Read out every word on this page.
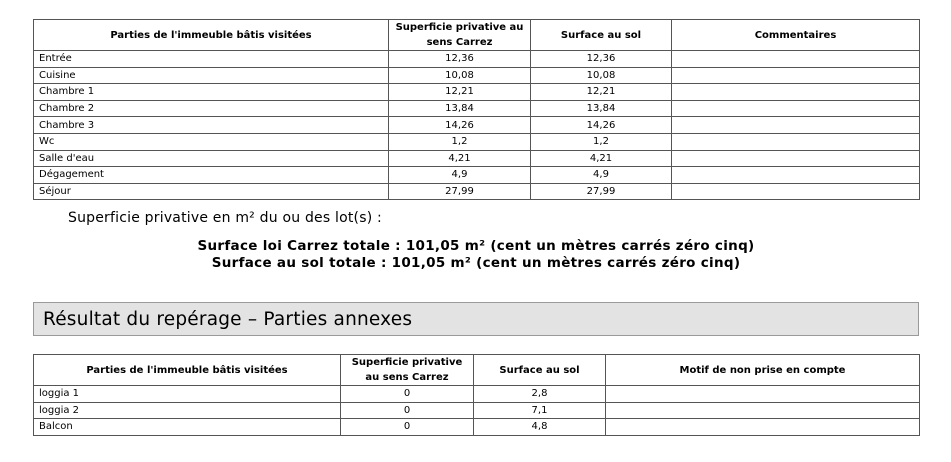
Parties de l'immeuble bâtis visitées	Superficie privative au sens Carrez	Surface au sol	Commentaires
Entrée	12,36	12,36	
Cuisine	10,08	10,08	
Chambre 1	12,21	12,21	
Chambre 2	13,84	13,84	
Chambre 3	14,26	14,26	
Wc	1,2	1,2	
Salle d'eau	4,21	4,21	
Dégagement	4,9	4,9	
Séjour	27,99	27,99	
Superficie privative en m² du ou des lot(s) :
Surface loi Carrez totale : 101,05 m² (cent un mètres carrés zéro cinq)
Surface au sol totale : 101,05 m² (cent un mètres carrés zéro cinq)
Résultat du repérage – Parties annexes
Parties de l'immeuble bâtis visitées	Superficie privative au sens Carrez	Surface au sol	Motif de non prise en compte
loggia 1	0	2,8	
loggia 2	0	7,1	
Balcon	0	4,8	
